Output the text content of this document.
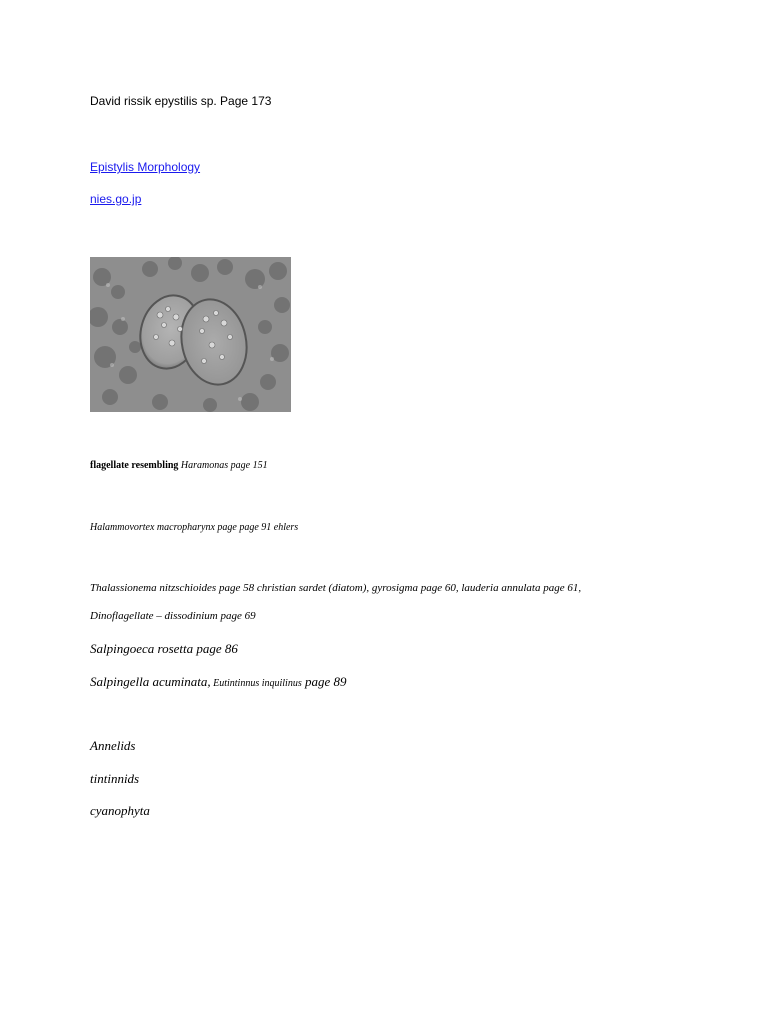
David rissik epystilis sp. Page 173
Epistylis Morphology
nies.go.jp
flagellate resembling Haramonas page 151
Halammovortex macropharynx page page 91 ehlers
Thalassionema nitzschioides page 58 christian sardet (diatom), gyrosigma page 60, lauderia annulata page 61,
Dinoflagellate – dissodinium page 69
Salpingoeca rosetta page 86
Salpingella acuminata, Eutintinnus inquilinus page 89
Annelids
tintinnids
cyanophyta
